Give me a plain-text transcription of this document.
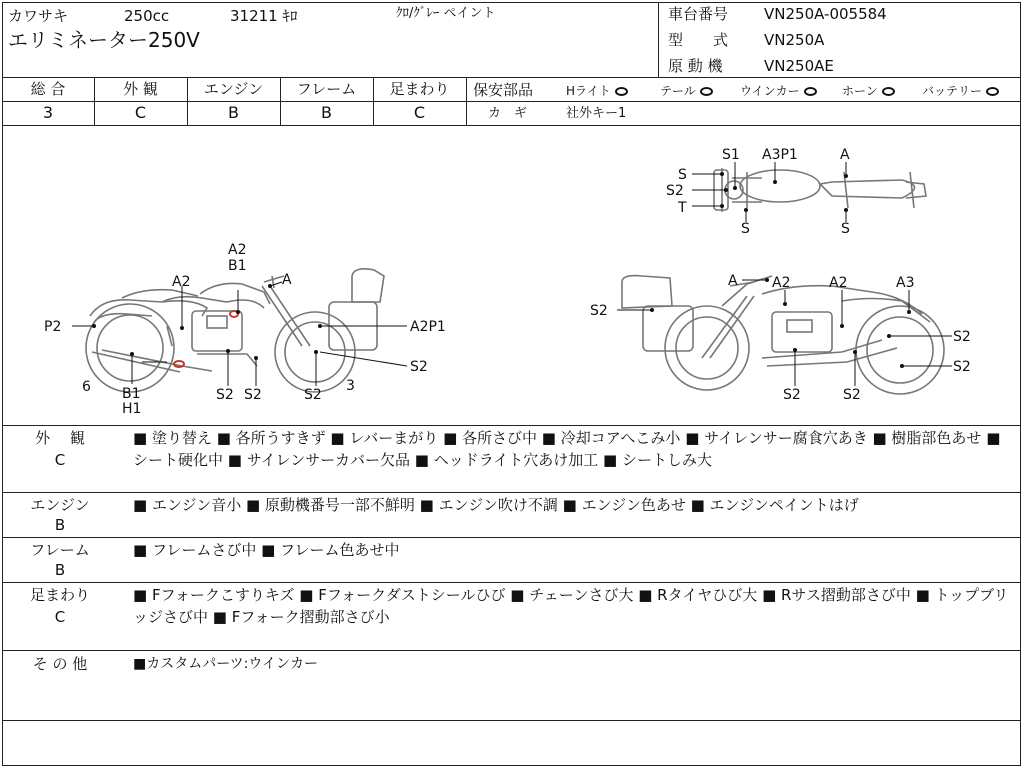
カワサキ	250cc	31211 ｷﾛ	ｸﾛ/ｸﾞﾚｰ ペイント
エリミネーター250V
車台番号 VN250A-005584
型　　式 VN250A
原 動 機	VN250AE
総 合	外 観	エンジン	フレーム	足まわり
3	C	B	B	C
保安部品	Hライト	テール	ウインカー	ホーン	バッテリー
カ　ギ	社外キー1
A2
B1
A
A2
P2	A2P1
6 B1
H1
S2 S2	S2
3
S2
A A2	A2	A3
S2
S2
S2
S2	S2
S1 A3P1	A
S
S2
T
S	S
外　 観
C
■ 塗り替え ■ 各所うすきず ■ レバーまがり ■ 各所さび中 ■ 冷却コアへこみ小 ■ サイレンサー腐食穴あき ■ 樹脂部色あせ ■ シート硬化中 ■ サイレンサーカバー欠品 ■ ヘッドライト穴あけ加工 ■ シートしみ大
エンジン
B
■ エンジン音小 ■ 原動機番号一部不鮮明 ■ エンジン吹け不調 ■ エンジン色あせ ■ エンジンペイントはげ
フレーム
B
■ フレームさび中 ■ フレーム色あせ中
足まわり
C
■ Fフォークこすりキズ ■ Fフォークダストシールひび ■ チェーンさび大 ■ Rタイヤひび大 ■ Rサス摺動部さび中 ■ トップブリッジさび中 ■ Fフォーク摺動部さび小
そ の 他	■カスタムパーツ:ウインカー
